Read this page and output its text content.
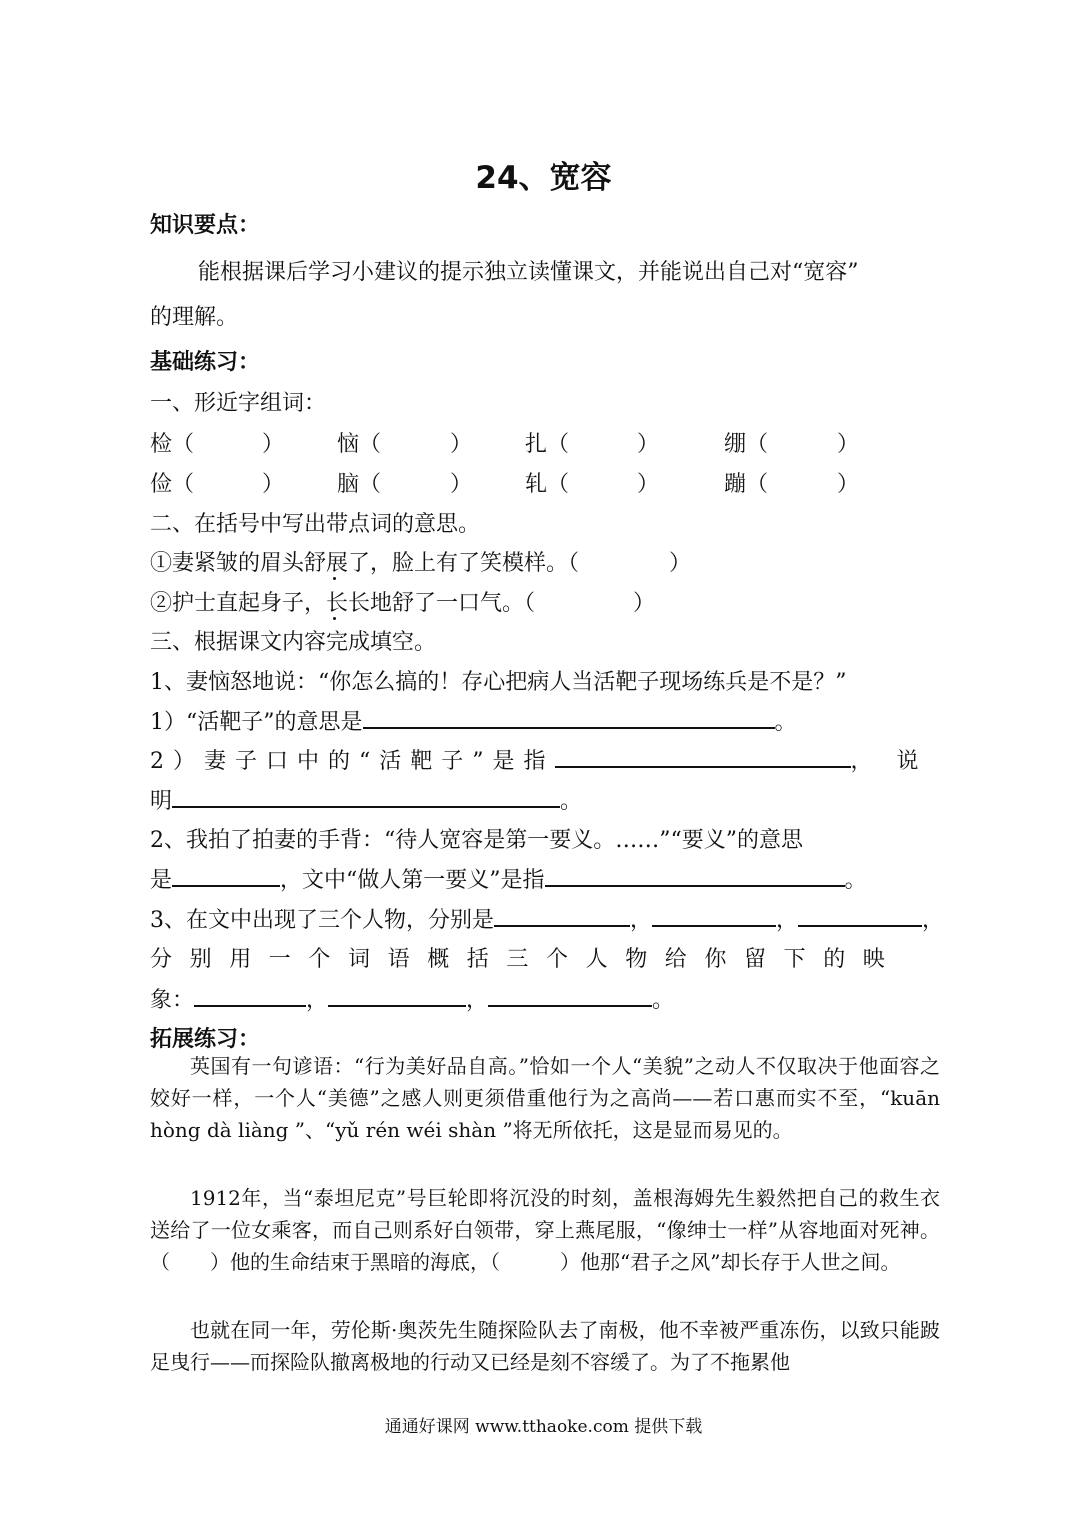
24、宽容
知识要点：
能根据课后学习小建议的提示独立读懂课文，并能说出自己对“宽容”
的理解。
基础练习：
一、形近字组词：
检（	） 恼（	） 扎（	）	绷（	）
俭（	） 脑（	） 轧（	）	蹦（	）
二、在括号中写出带点词的意思。
①妻紧皱的眉头舒展了，脸上有了笑模样。（	）
②护士直起身子，长长地舒了一口气。（	）
三、根据课文内容完成填空。
1、妻恼怒地说：“你怎么搞的！存心把病人当活靶子现场练兵是不是？”
1）“活靶子”的意思是	。
2）妻子口中的“活靶子”是指	，说
明	。
2、我拍了拍妻的手背：“待人宽容是第一要义。……”“要义”的意思
是	，文中“做人第一要义”是指	。
3、在文中出现了三个人物，分别是	，	，	，
分别用一个词语概括三个人物给你留下的映
象：	，	，	。
拓展练习：
英国有一句谚语：“行为美好品自高。”恰如一个人“美貌”之动人不仅取决于他面容之姣好一样，一个人“美德”之感人则更须借重他行为之高尚——若口惠而实不至，“kuān hòng dà liàng ”、“yǔ rén wéi shàn ”将无所依托，这是显而易见的。
1912年，当“泰坦尼克”号巨轮即将沉没的时刻，盖根海姆先生毅然把自己的救生衣送给了一位女乘客，而自己则系好白领带，穿上燕尾服，“像绅士一样”从容地面对死神。（　　）他的生命结束于黑暗的海底，（　　　）他那“君子之风”却长存于人世之间。
也就在同一年，劳伦斯·奥茨先生随探险队去了南极，他不幸被严重冻伤，以致只能跛足曳行——而探险队撤离极地的行动又已经是刻不容缓了。为了不拖累他
通通好课网 www.tthaoke.com 提供下载
